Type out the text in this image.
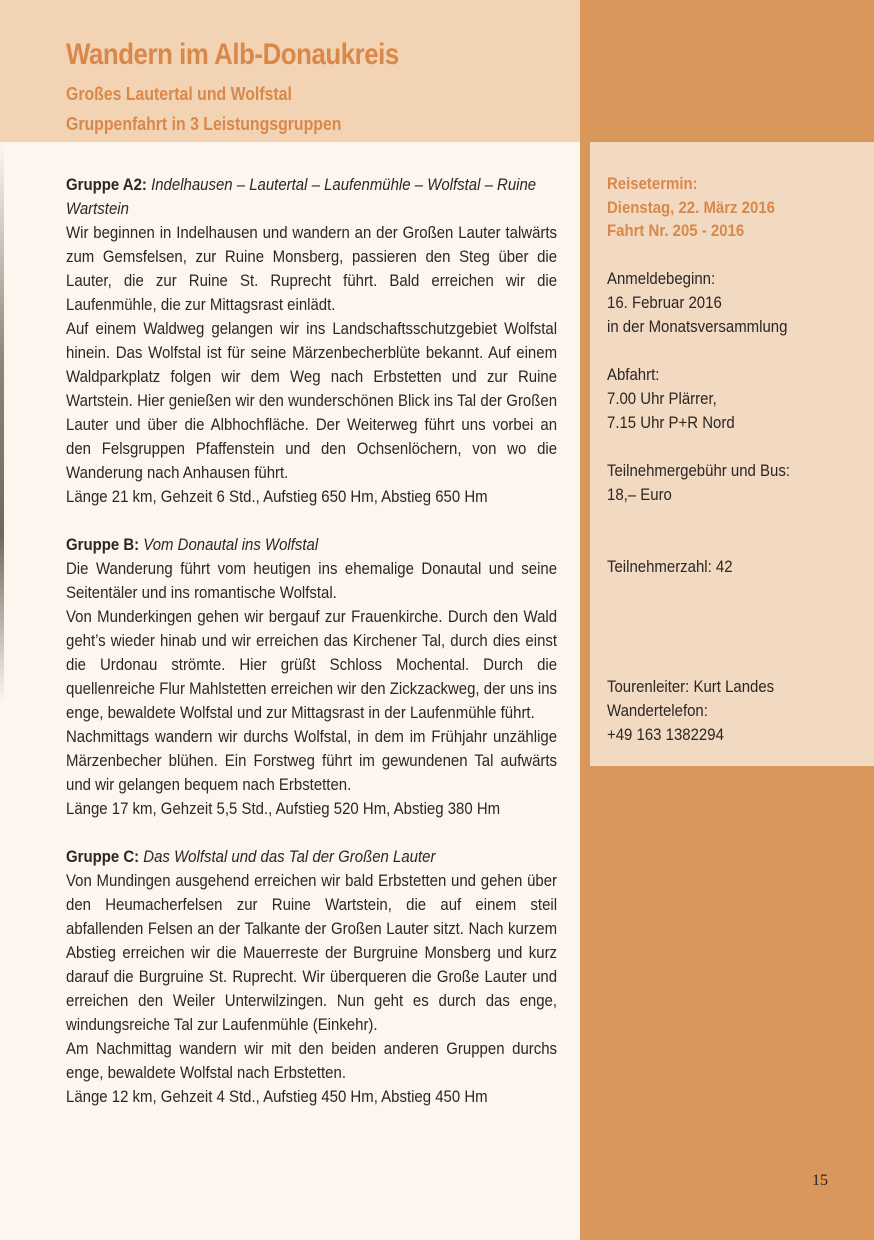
Wandern im Alb-Donaukreis
Großes Lautertal und Wolfstal
Gruppenfahrt in 3 Leistungsgruppen
Reisetermin:
Dienstag, 22. März 2016
Fahrt Nr. 205 - 2016
Anmeldebeginn:
16. Februar 2016
in der Monatsversammlung
Abfahrt:
7.00 Uhr Plärrer,
7.15 Uhr P+R Nord
Teilnehmergebühr und Bus:
18,– Euro
Teilnehmerzahl: 42
Tourenleiter: Kurt Landes
Wandertelefon:
+49 163 1382294

Gruppe A2: Indelhausen – Lautertal – Laufenmühle – Wolfstal – Ruine Wartstein

Wir beginnen in Indelhausen und wandern an der Großen Lauter talwärts zum Gemsfelsen, zur Ruine Monsberg, passieren den Steg über die Lauter, die zur Ruine St. Ruprecht führt. Bald erreichen wir die Laufenmühle, die zur Mittagsrast einlädt.

Auf einem Waldweg gelangen wir ins Landschaftsschutzgebiet Wolfstal hinein. Das Wolfstal ist für seine Märzenbecherblüte bekannt. Auf einem Waldparkplatz folgen wir dem Weg nach Erbstetten und zur Ruine Wartstein. Hier genießen wir den wunderschönen Blick ins Tal der Großen Lauter und über die Albhochfläche. Der Weiterweg führt uns vorbei an den Felsgruppen Pfaffenstein und den Ochsenlöchern, von wo die Wanderung nach Anhausen führt.

Länge 21 km, Gehzeit 6 Std., Aufstieg 650 Hm, Abstieg 650 Hm

Gruppe B: Vom Donautal ins Wolfstal

Die Wanderung führt vom heutigen ins ehemalige Donautal und seine Seitentäler und ins romantische Wolfstal.

Von Munderkingen gehen wir bergauf zur Frauenkirche. Durch den Wald geht’s wieder hinab und wir erreichen das Kirchener Tal, durch dies einst die Urdonau strömte. Hier grüßt Schloss Mochental. Durch die quellenreiche Flur Mahlstetten erreichen wir den Zickzackweg, der uns ins enge, bewaldete Wolfstal und zur Mittagsrast in der Laufenmühle führt.

Nachmittags wandern wir durchs Wolfstal, in dem im Frühjahr unzählige Märzenbecher blühen. Ein Forstweg führt im gewundenen Tal aufwärts und wir gelangen bequem nach Erbstetten.

Länge 17 km, Gehzeit 5,5 Std., Aufstieg 520 Hm, Abstieg 380 Hm

Gruppe C: Das Wolfstal und das Tal der Großen Lauter

Von Mundingen ausgehend erreichen wir bald Erbstetten und gehen über den Heumacherfelsen zur Ruine Wartstein, die auf einem steil abfallenden Felsen an der Talkante der Großen Lauter sitzt. Nach kurzem Abstieg erreichen wir die Mauerreste der Burgruine Monsberg und kurz darauf die Burgruine St. Ruprecht. Wir überqueren die Große Lauter und erreichen den Weiler Unterwilzingen. Nun geht es durch das enge, windungsreiche Tal zur Laufenmühle (Einkehr).

Am Nachmittag wandern wir mit den beiden anderen Gruppen durchs enge, bewaldete Wolfstal nach Erbstetten.

Länge 12 km, Gehzeit 4 Std., Aufstieg 450 Hm, Abstieg 450 Hm

15
